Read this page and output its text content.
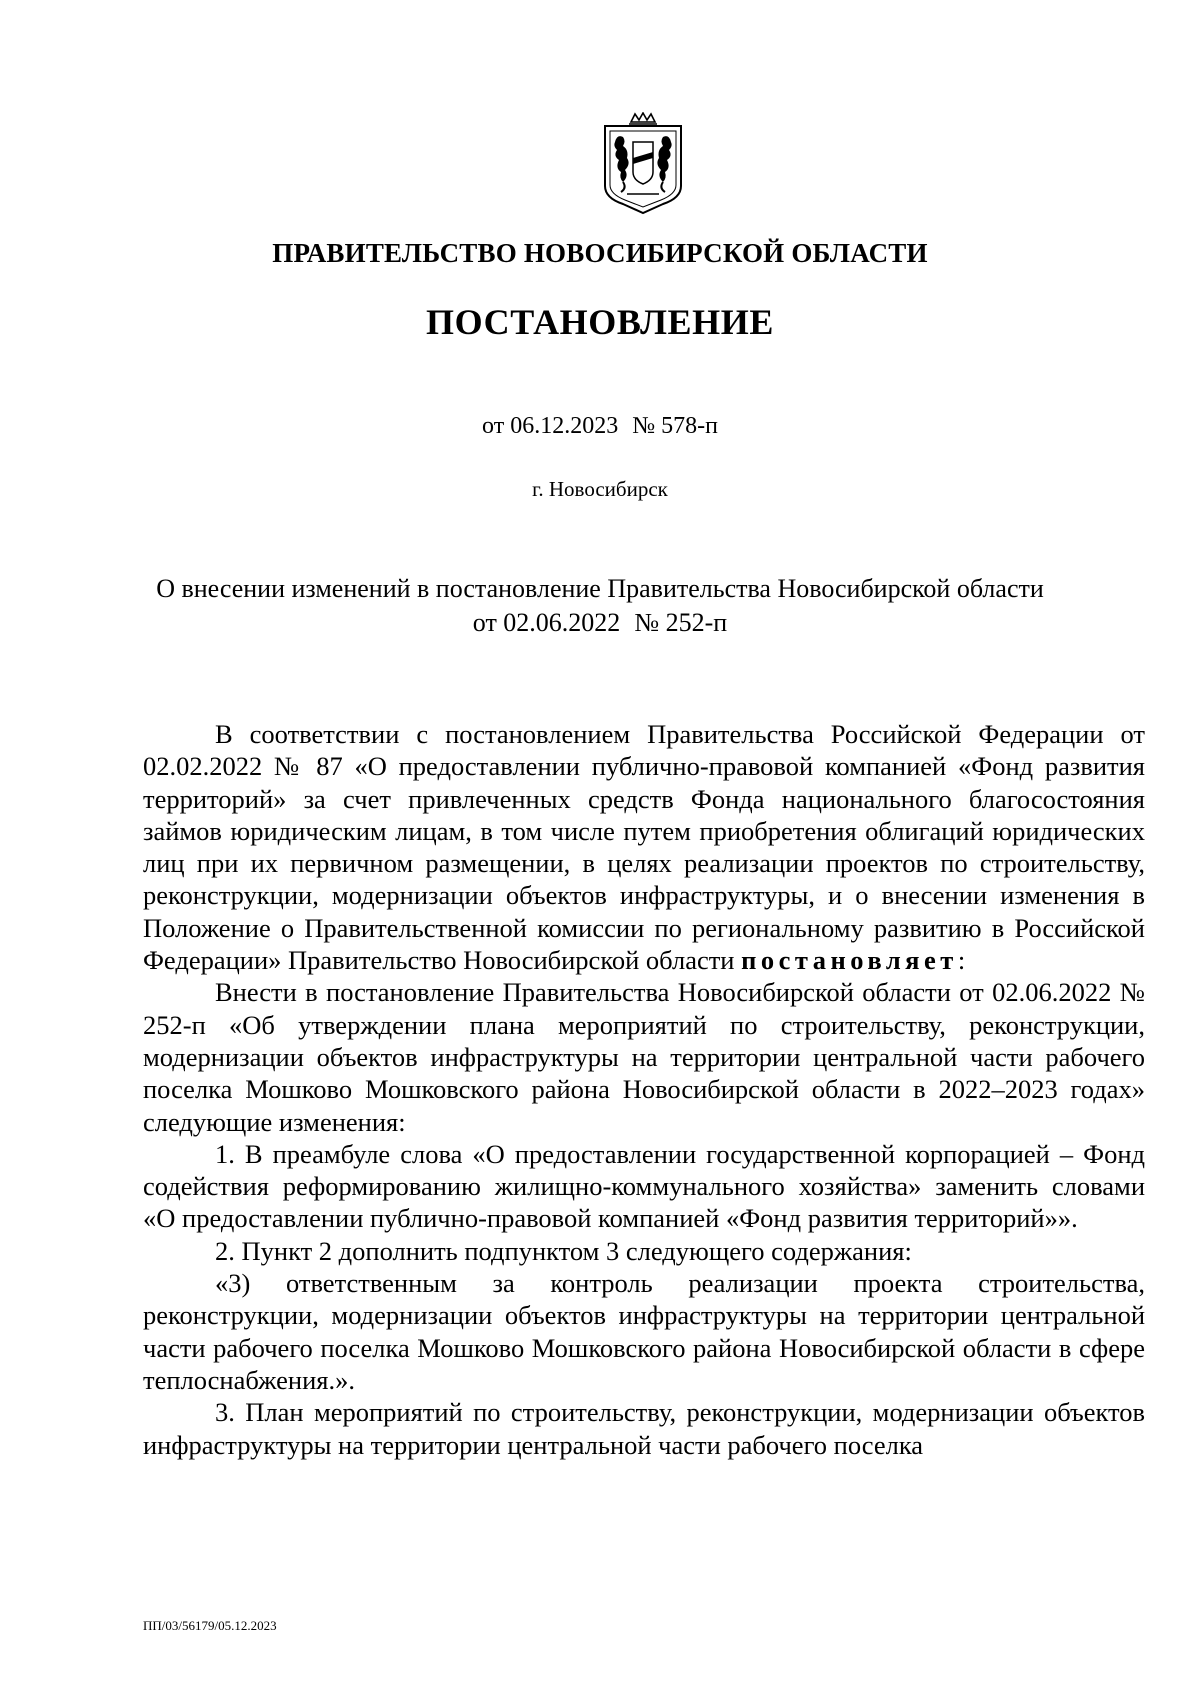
ПРАВИТЕЛЬСТВО НОВОСИБИРСКОЙ ОБЛАСТИ
ПОСТАНОВЛЕНИЕ
от 06.12.2023 № 578-п
г. Новосибирск
О внесении изменений в постановление Правительства Новосибирской области
от 02.06.2022 № 252-п

В соответствии с постановлением Правительства Российской Федерации от 02.02.2022 № 87 «О предоставлении публично-правовой компанией «Фонд развития территорий» за счет привлеченных средств Фонда национального благосостояния займов юридическим лицам, в том числе путем приобретения облигаций юридических лиц при их первичном размещении, в целях реализации проектов по строительству, реконструкции, модернизации объектов инфраструктуры, и о внесении изменения в Положение о Правительственной комиссии по региональному развитию в Российской Федерации» Правительство Новосибирской области постановляет:

Внести в постановление Правительства Новосибирской области от 02.06.2022 № 252-п «Об утверждении плана мероприятий по строительству, реконструкции, модернизации объектов инфраструктуры на территории центральной части рабочего поселка Мошково Мошковского района Новосибирской области в 2022–2023 годах» следующие изменения:

1. В преамбуле слова «О предоставлении государственной корпорацией – Фонд содействия реформированию жилищно-коммунального хозяйства» заменить словами «О предоставлении публично-правовой компанией «Фонд развития территорий»».

2. Пункт 2 дополнить подпунктом 3 следующего содержания:

«3) ответственным за контроль реализации проекта строительства, реконструкции, модернизации объектов инфраструктуры на территории центральной части рабочего поселка Мошково Мошковского района Новосибирской области в сфере теплоснабжения.».

3. План мероприятий по строительству, реконструкции, модернизации объектов инфраструктуры на территории центральной части рабочего поселка

ПП/03/56179/05.12.2023
